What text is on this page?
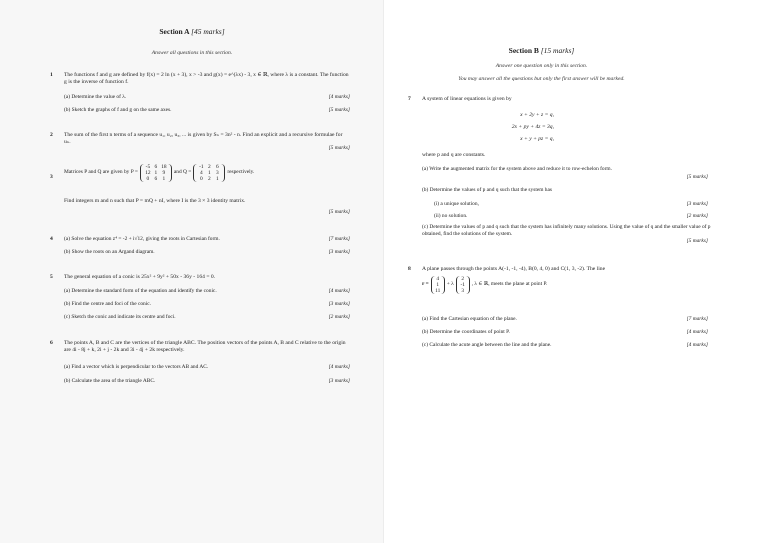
Section A [45 marks]
Answer all questions in this section.
1 The functions f and g are defined by f(x) = 2 ln (x + 3), x > -3 and g(x) = e^(λx) - 3, x ∈ ℝ, where λ is a constant. The function g is the inverse of function f.
(a) Determine the value of λ.	[4 marks]
(b) Sketch the graphs of f and g on the same axes.	[5 marks]
2 The sum of the first n terms of a sequence u₁, u₂, u₃, ... is given by Sₙ = 3n² - n. Find an explicit and a recursive formulae for uₙ.
[5 marks]
3
Matrices P and Q are given by P =
-5 6 18
12 1 9
0 6 1
and Q =
-1 2 6
4 1 3
0 2 1
respectively.
Find integers m and n such that P = mQ + nI, where I is the 3 × 3 identity matrix.
[5 marks]
4 (a) Solve the equation z⁴ = -2 + i√12, giving the roots in Cartesian form.	[7 marks]
(b) Show the roots on an Argand diagram.	[3 marks]
5 The general equation of a conic is 25x² + 9y² + 50x - 36y - 164 = 0.
(a) Determine the standard form of the equation and identify the conic.	[4 marks]
(b) Find the centre and foci of the conic.	[3 marks]
(c) Sketch the conic and indicate its centre and foci.	[2 marks]
6 The points A, B and C are the vertices of the triangle ABC. The position vectors of the points A, B and C relative to the origin are 4i - 8j + k, 2i + j - 2k and 3i - 4j + 2k respectively.
(a) Find a vector which is perpendicular to the vectors AB and AC.	[4 marks]
(b) Calculate the area of the triangle ABC.	[3 marks]
Section B [15 marks]
Answer one question only in this section.
You may answer all the questions but only the first answer will be marked.
7 A system of linear equations is given by
x + 2y + z = q,
2x + py + 4z = 3q,
x + y + pz = q,
where p and q are constants.
(a) Write the augmented matrix for the system above and reduce it to row-echelon form.
[5 marks]
(b) Determine the values of p and q such that the system has
(i) a unique solution,	[3 marks]
(ii) no solution.	[2 marks]
(c) Determine the values of p and q such that the system has infinitely many solutions. Using the value of q and the smaller value of p obtained, find the solutions of the system.
[5 marks]
8 A plane passes through the points A(-1, -1, -4), B(0, 4, 0) and C(1, 3, -2). The line
r =
4
1
11
+ λ
2
-1
3
, λ ∈ ℝ, meets the plane at point P.
(a) Find the Cartesian equation of the plane.	[7 marks]
(b) Determine the coordinates of point P.	[4 marks]
(c) Calculate the acute angle between the line and the plane.	[4 marks]
